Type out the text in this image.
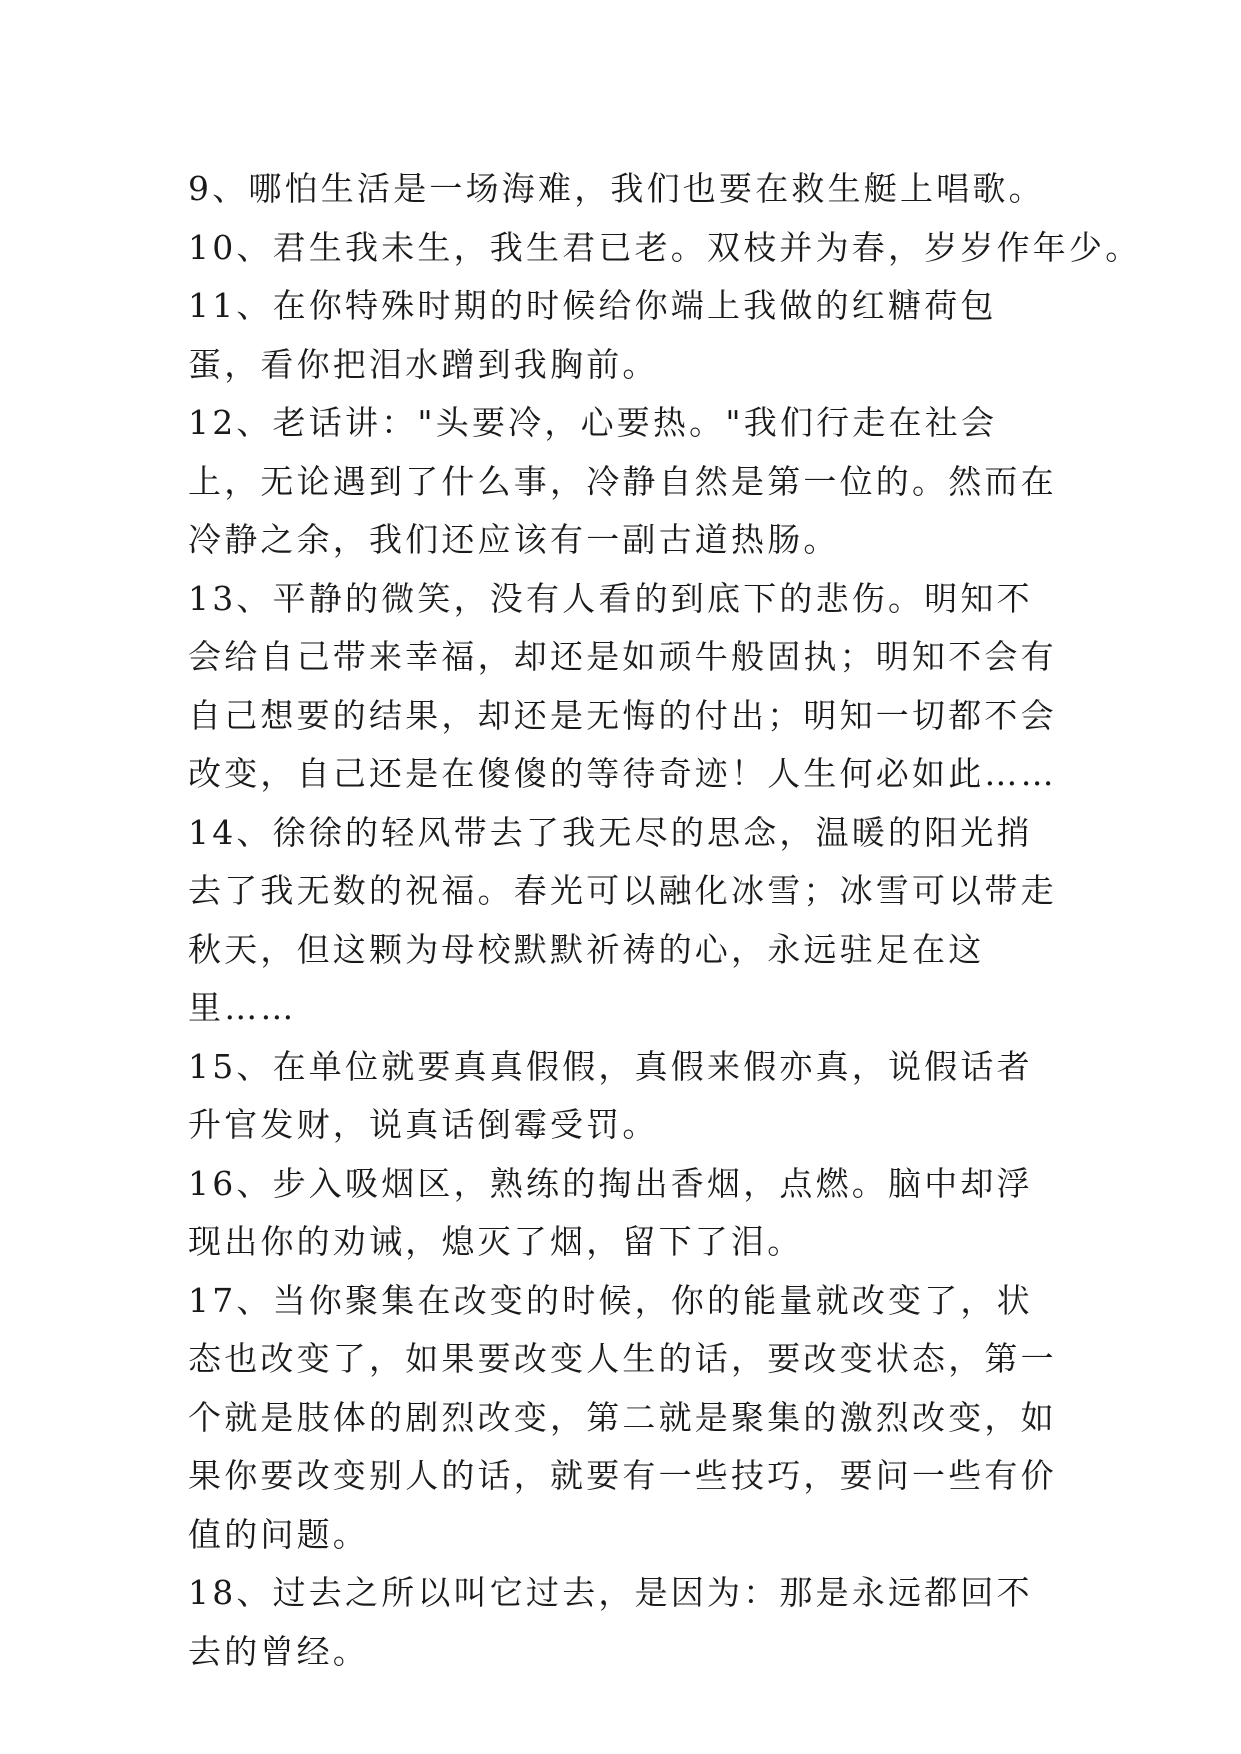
9、哪怕生活是一场海难，我们也要在救生艇上唱歌。

10、君生我未生，我生君已老。双枝并为春，岁岁作年少。

11、在你特殊时期的时候给你端上我做的红糖荷包蛋，看你把泪水蹭到我胸前。

12、老话讲："头要冷，心要热。"我们行走在社会上，无论遇到了什么事，冷静自然是第一位的。然而在冷静之余，我们还应该有一副古道热肠。

13、平静的微笑，没有人看的到底下的悲伤。明知不会给自己带来幸福，却还是如顽牛般固执；明知不会有自己想要的结果，却还是无悔的付出；明知一切都不会改变，自己还是在傻傻的等待奇迹！人生何必如此……

14、徐徐的轻风带去了我无尽的思念，温暖的阳光捎去了我无数的祝福。春光可以融化冰雪；冰雪可以带走秋天，但这颗为母校默默祈祷的心，永远驻足在这里……

15、在单位就要真真假假，真假来假亦真，说假话者升官发财，说真话倒霉受罚。

16、步入吸烟区，熟练的掏出香烟，点燃。脑中却浮现出你的劝诫，熄灭了烟，留下了泪。

17、当你聚集在改变的时候，你的能量就改变了，状态也改变了，如果要改变人生的话，要改变状态，第一个就是肢体的剧烈改变，第二就是聚集的激烈改变，如果你要改变别人的话，就要有一些技巧，要问一些有价值的问题。

18、过去之所以叫它过去，是因为：那是永远都回不去的曾经。
